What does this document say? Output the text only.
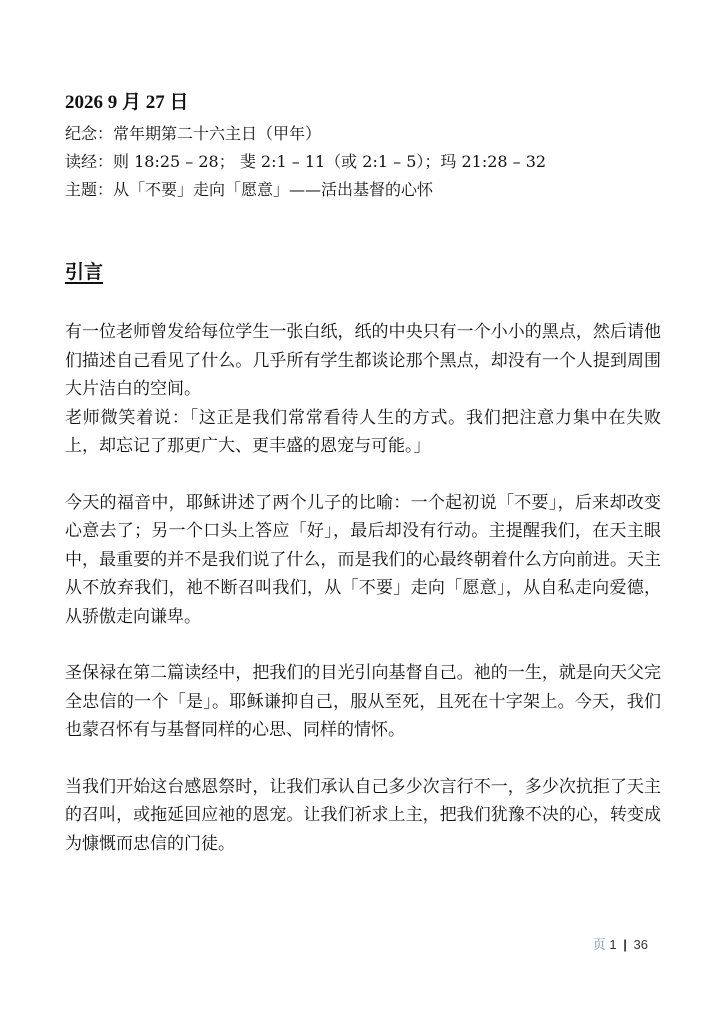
2026 9 月 27 日
纪念：常年期第二十六主日（甲年）
读经：则 18:25 – 28； 斐 2:1 – 11（或 2:1 – 5）；玛 21:28 – 32
主题：从「不要」走向「愿意」——活出基督的心怀
引言

有一位老师曾发给每位学生一张白纸，纸的中央只有一个小小的黑点，然后请他们描述自己看见了什么。几乎所有学生都谈论那个黑点，却没有一个人提到周围大片洁白的空间。

老师微笑着说：「这正是我们常常看待人生的方式。我们把注意力集中在失败上，却忘记了那更广大、更丰盛的恩宠与可能。」

今天的福音中，耶稣讲述了两个儿子的比喻：一个起初说「不要」，后来却改变心意去了；另一个口头上答应「好」，最后却没有行动。主提醒我们，在天主眼中，最重要的并不是我们说了什么，而是我们的心最终朝着什么方向前进。天主从不放弃我们，祂不断召叫我们，从「不要」走向「愿意」，从自私走向爱德，从骄傲走向谦卑。

圣保禄在第二篇读经中，把我们的目光引向基督自己。祂的一生，就是向天父完全忠信的一个「是」。耶稣谦抑自己，服从至死，且死在十字架上。今天，我们也蒙召怀有与基督同样的心思、同样的情怀。

当我们开始这台感恩祭时，让我们承认自己多少次言行不一，多少次抗拒了天主的召叫，或拖延回应祂的恩宠。让我们祈求上主，把我们犹豫不决的心，转变成为慷慨而忠信的门徒。

页 1 | 36
